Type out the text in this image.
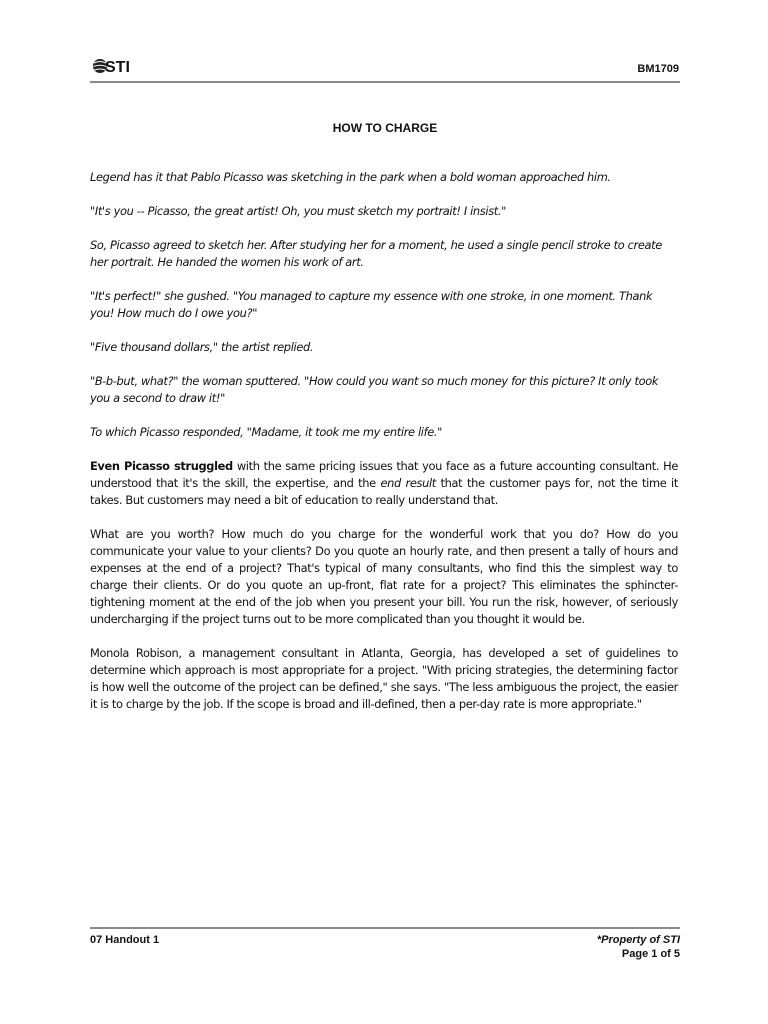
STI	BM1709
HOW TO CHARGE

Legend has it that Pablo Picasso was sketching in the park when a bold woman approached him.

"It's you -- Picasso, the great artist! Oh, you must sketch my portrait! I insist."

So, Picasso agreed to sketch her. After studying her for a moment, he used a single pencil stroke to create her portrait. He handed the women his work of art.

"It's perfect!" she gushed. "You managed to capture my essence with one stroke, in one moment. Thank you! How much do I owe you?"

"Five thousand dollars," the artist replied.

"B-b-but, what?" the woman sputtered. "How could you want so much money for this picture? It only took you a second to draw it!"

To which Picasso responded, "Madame, it took me my entire life."

Even Picasso struggled with the same pricing issues that you face as a future accounting consultant. He understood that it's the skill, the expertise, and the end result that the customer pays for, not the time it takes. But customers may need a bit of education to really understand that.

What are you worth? How much do you charge for the wonderful work that you do? How do you communicate your value to your clients? Do you quote an hourly rate, and then present a tally of hours and expenses at the end of a project? That's typical of many consultants, who find this the simplest way to charge their clients. Or do you quote an up-front, flat rate for a project? This eliminates the sphincter-tightening moment at the end of the job when you present your bill. You run the risk, however, of seriously undercharging if the project turns out to be more complicated than you thought it would be.

Monola Robison, a management consultant in Atlanta, Georgia, has developed a set of guidelines to determine which approach is most appropriate for a project. "With pricing strategies, the determining factor is how well the outcome of the project can be defined," she says. "The less ambiguous the project, the easier it is to charge by the job. If the scope is broad and ill-defined, then a per-day rate is more appropriate."

07 Handout 1	*Property of STI
Page 1 of 5
